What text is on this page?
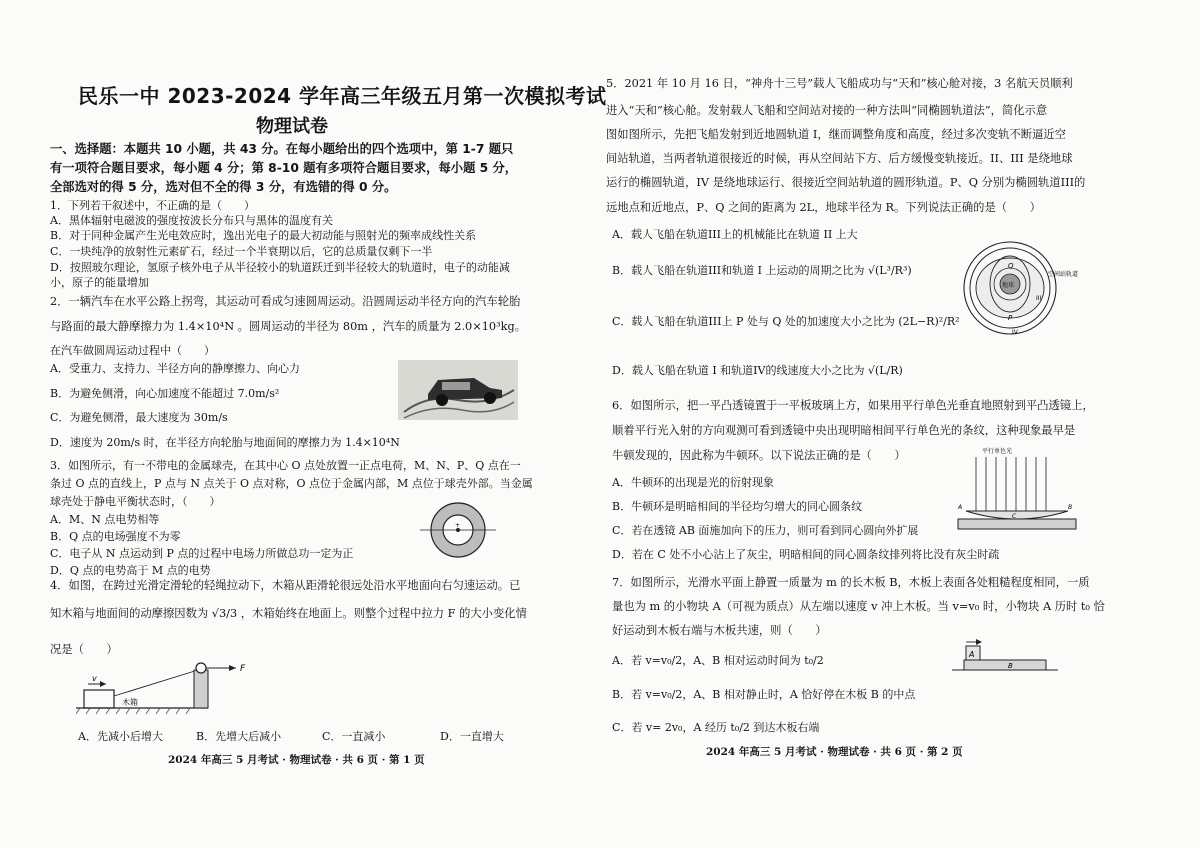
民乐一中 2023-2024 学年高三年级五月第一次模拟考试
物理试卷
一、选择题：本题共 10 小题，共 43 分。在每小题给出的四个选项中，第 1-7 题只有一项符合题目要求，每小题 4 分；第 8-10 题有多项符合题目要求，每小题 5 分，全部选对的得 5 分，选对但不全的得 3 分，有选错的得 0 分。
1．下列若干叙述中，不正确的是（　　）
A．黑体辐射电磁波的强度按波长分布只与黑体的温度有关
B．对于同种金属产生光电效应时，逸出光电子的最大初动能与照射光的频率成线性关系
C．一块纯净的放射性元素矿石，经过一个半衰期以后，它的总质量仅剩下一半
D．按照玻尔理论，氢原子核外电子从半径较小的轨道跃迁到半径较大的轨道时，电子的动能减
小，原子的能量增加
2．一辆汽车在水平公路上拐弯，其运动可看成匀速圆周运动。沿圆周运动半径方向的汽车轮胎
与路面的最大静摩擦力为 1.4×10⁴N 。圆周运动的半径为 80m ，汽车的质量为 2.0×10³kg。
在汽车做圆周运动过程中（　　）
A．受重力、支持力、半径方向的静摩擦力、向心力
B．为避免侧滑，向心加速度不能超过 7.0m/s²
C．为避免侧滑，最大速度为 30m/s
D．速度为 20m/s 时，在半径方向轮胎与地面间的摩擦力为 1.4×10⁴N
3．如图所示，有一不带电的金属球壳，在其中心 O 点处放置一正点电荷，M、N、P、Q 点在一
条过 O 点的直线上，P 点与 N 点关于 O 点对称，O 点位于金属内部，M 点位于球壳外部。当金属
球壳处于静电平衡状态时，（　　）
A．M、N 点电势相等
B．Q 点的电场强度不为零
C．电子从 N 点运动到 P 点的过程中电场力所做总功一定为正
D．Q 点的电势高于 M 点的电势
+
4．如图，在跨过光滑定滑轮的轻绳拉动下，木箱从距滑轮很远处沿水平地面向右匀速运动。已
知木箱与地面间的动摩擦因数为 √3/3 ，木箱始终在地面上。则整个过程中拉力 F 的大小变化情
况是（　　）
F
v
木箱
A．先减小后增大	B．先增大后减小	C．一直减小	D．一直增大
2024 年高三 5 月考试 · 物理试卷 · 共 6 页 · 第 1 页
5．2021 年 10 月 16 日，“神舟十三号”载人飞船成功与“天和”核心舱对接，3 名航天员顺利
进入“天和”核心舱。发射载人飞船和空间站对接的一种方法叫“同椭圆轨道法”，简化示意
图如图所示，先把飞船发射到近地圆轨道 I，继而调整角度和高度，经过多次变轨不断逼近空
间站轨道，当两者轨道很接近的时候，再从空间站下方、后方缓慢变轨接近。II、III 是绕地球
运行的椭圆轨道，IV 是绕地球运行、很接近空间站轨道的圆形轨道。P、Q 分别为椭圆轨道III的
远地点和近地点，P、Q 之间的距离为 2L，地球半径为 R。下列说法正确的是（　　）
A．载人飞船在轨道III上的机械能比在轨道 II 上大
B．载人飞船在轨道III和轨道 I 上运动的周期之比为 √(L³/R³)
C．载人飞船在轨道III上 P 处与 Q 处的加速度大小之比为 (2L−R)²/R²
D．载人飞船在轨道 I 和轨道IV的线速度大小之比为 √(L/R)
地球
Q
P
III
IV
空间站轨道
6．如图所示，把一平凸透镜置于一平板玻璃上方，如果用平行单色光垂直地照射到平凸透镜上，
顺着平行光入射的方向观测可看到透镜中央出现明暗相间平行单色光的条纹，这种现象最早是
牛顿发现的，因此称为牛顿环。以下说法正确的是（　　）
A．牛顿环的出现是光的衍射现象
B．牛顿环是明暗相间的半径均匀增大的同心圆条纹
C．若在透镜 AB 面施加向下的压力，则可看到同心圆向外扩展
D．若在 C 处不小心沾上了灰尘，明暗相间的同心圆条纹排列将比没有灰尘时疏
平行单色光
A	B
C
7．如图所示，光滑水平面上静置一质量为 m 的长木板 B，木板上表面各处粗糙程度相同，一质
量也为 m 的小物块 A（可视为质点）从左端以速度 v 冲上木板。当 v=v₀ 时，小物块 A 历时 t₀ 恰
好运动到木板右端与木板共速，则（　　）
A．若 v=v₀/2，A、B 相对运动时间为 t₀/2
B．若 v=v₀/2，A、B 相对静止时，A 恰好停在木板 B 的中点
C．若 v= 2v₀，A 经历 t₀/2 到达木板右端
A
B
2024 年高三 5 月考试 · 物理试卷 · 共 6 页 · 第 2 页
